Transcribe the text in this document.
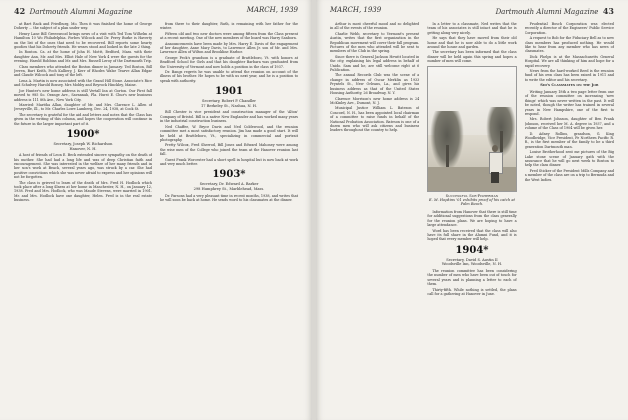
42 Dartmouth Alumni Magazine	MARCH, 1939

at Bart Rack and Friedburg, Mo. Then it was finished the home of George Doherty ... the subject of a plan under way.

Henry Lane Bill Greenwood brings news of a visit with Ted Tom Wilhelm at Hamilton 10 Wo Philadelphia. Forbes Wilcock and Dr. Perey Burke is Haverty on the list of the ones that need to be recovered. Bill reports some hearty goodies that his Doherty friends. He wears stood and looked in the late 2 thing.

In Ronton. Ca. at the home of John H. Mottt, Bedford, Mass. with their daughter Ann, Mr. and Mrs. Elliot Hale of New York 4 were the guests for the evening. Harold Robbins and Mr. and Mrs. Russell Leroy of the Dartmouth Trip.

Class members who attended the Boston dinner in January: Ted Boston, Bill Jerren, Bart Keith, Foch Kalliery, J. Kerr of Rhodes Walse Tearve Allan Edgar and Claude Wilcock and tony of the left.

Lena A. Martin is now associated with the Grand Hill Stone. Associate's Rice and Schulvey Harold Bossey, Mrs Mobby and Reyrock Hinckley, Maine.

Joe Hunter's new home address is still Vertall Inn at Gorton. Our First fall moved to 985 So. Orange Ave., Savannah, Fla. Hurst E. Chur's new business address is 111 8th Ave., New York City.

Married: Maritha Allan, daughter of Mr. and Mrs. Clarence L. Allen of Jerseyville, Ill., to Mr. Charles Lowe Lamberg, Dec. 24, 1938, at Cook St.

The secretary is grateful for the aid and letters and notes that the Class has given in the writing of this column, and hopes the cooperation will continue in the future in the larger important part of it.

1900*
Secretary, Joseph W. Richardson
Hanover, N. H.

A host of friends of Leon E. Beck extended sincere sympathy on the death of his mother. She had had a long life and was of deep Christian faith and encouragement. She was interested in the welfare of her many friends and in her son's work at Beach, several years ago, was struck by a car. She had positive convictions which she was never afraid to express and her opinions will not be forgotten.

The class is grieved to learn of the death of Mrs. Fred H. Hodlock which took place after a long illness at her home in Manchester, N. H., on January 12, 1938. Fred and Mrs. Hodlock, who was Maude Stevens, were married in 1901. Mr. and Mrs. Hodlock have one daughter, Helen. Fred is in the real estate business.

from there to their daughter, Ruth, is remaining with her father for the winter.

Fifteen old and two new doctors were among fifteen from the Class present at a recent meeting. One of the new members of the board was Harry Sanborn.

Announcements have been made by Mrs. Harry E. Davis of the engagement of her daughter, Anne Mary Davis, to Lawrence Allen Jr. son of Mr. and Mrs. Lawrence Allen of Wilton and Brookline Harbor.

George Peck's grandson is a graduate of Brattleboro, Vt. with honors at Bradford School for Girls and that his daughter Barbara was graduated from the University of Vermont and now holds a position in the class of 1937.

Dr. Bangs regrets he was unable to attend the reunion on account of the illness of his brother. He hopes to be with us next year, and he is a position to speak with authority.

1901
Secretary, Robert P. Chandler
17 Berkeley St., Nashua, N. H.

Bill Chester is vice president and construction manager of the 'Alton' Company of Bristol. Bill is a native New Englander and has worked many years in the industrial construction business.

Ned Chaffee, W. Bryce Davis and Ned Coldewood, and the reunion committee met a most satisfactory reunion. Jim has made a good start. It will be held at Brattleboro, Vt., specializing in commercial and portrait photography.

Pretty Wilcox, Fred Sherrod, Bill Jones and Edward Mahoney were among the wise men of the College who joined the team at the Hanover reunion last fall.

Guest Frank Worcester had a short spell in hospital but is now back at work and very much better.

1903*
Secretary, Dr. Edward A. Barker
298 Humphrey St., Marblehead, Mass.

Dr. Parsons had a very pleasant time in recent months, 1938, and writes that he will soon be back at home. He sends word to his classmates at the dinner.

MARCH, 1939	Dartmouth Alumni Magazine 43

Arthur is most cheerful mood and so delighted in all of the events of the reunion.

Charlie Webb, secretary to Vermont's present Austin, writes that the first organization in the Republican movement will cover their fall program. Pictures of the men who attended will be sent to members of the Club in the spring.

Since there is General Jackson Hewitt located in the city, explaining his legal address in behalf of Unido. Sam and he, are still welcome right at 6 Publication.

The annual Records Club was the scene of a change in address of Oscar Merklin as 1933 Pryntels St., New Orleans, La., and gives his business address as that of the United States Housing Authority, 26 Broadway, N. Y.

Clarence Morrison's new home address is 24 McKinley Ave., Dumont, N. J.

Municipal Justice William L. Bateson of Concord, N. H., has been appointed local chairman of a committee to raise funds in behalf of the National Probation Association. Bateson is one of a dozen men who will ask citizens and business leaders throughout the country to help.

In a letter to a classmate, Ned writes that the team of his associates is still intact and that he is getting along very nicely.

He says that they have moved from their old home and that he is now able to do a little work around the house and garden.

The secretary has been informed that the class dinner will be held again this spring and hopes a number of men will come.

Successful Sub-Fisherman
E. M. Hopkins '01 exhibits proof of his catch at Palm Beach.

Information from Hanover that there is still time for additional suggestions from the class generally for the reunion plans. We are hoping to have a large attendance.

Word has been received that the class will also have its full share in the Alumni Fund, and it is hoped that every member will help.

1904*
Secretary, David S. Austin II
Woodsville Inn, Woodsville, N. H.

The reunion committee has been considering the number of men who have been out of touch for several years and is planning a letter to each of them.

Thirty-fifth. While nothing is settled, the plans call for a gathering at Hanover in June.

Prudential Bosch Corporation was elected recently a director of the Engineers' Public Service Corporation.

A request to Bob for the Fiduciary Bell as to new class members has produced nothing. He would like to hear from any member who has news of classmates.

Dick Phelps is at the Massachusetts General Hospital. We are all thinking of him and hope for a rapid recovery.

News from the hard-worked Reed is the reunion fund of his own class has been raised in 1911 and to write the editor and his secretary.

Sid's Classmates on the Job

Writing January 18th a two page letter from one of the reunion committee on increasing 'new things' which was never written in the past. It will be noted, though the writer has trained in several years in New Hampshire, one of the first to respond.

Mrs. Robert Johnson, daughter of Ben Frank Johnson, received her M. A. degree in 1937, and a volume of the Class of 1904 will be given her.

D. Adney Rollins, grandson, G. King Woodbridge, Vice President, Fe Northern Pacific R. R., is the first member of the family to be a third generation Dartmouth man.

Louise Brotherhood sent me pictures of the Big Lake stone scene of January gath with the assurance that he will go next week to Boston to help the class dinner.

Fred Sticker of the President Mills Company and a member of the class are on a trip to Bermuda and the West Indies.
